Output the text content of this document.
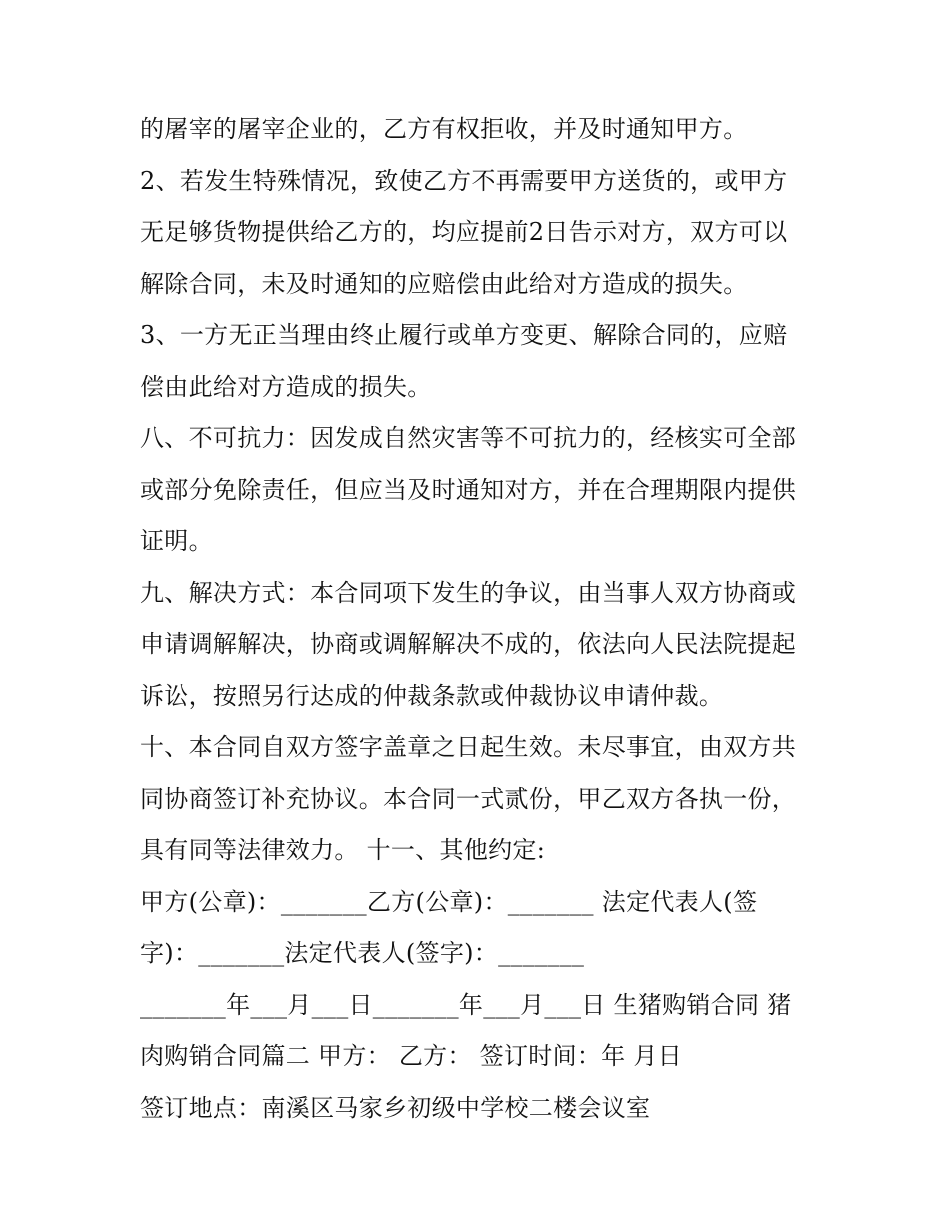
的屠宰的屠宰企业的，乙方有权拒收，并及时通知甲方。
2、若发生特殊情况，致使乙方不再需要甲方送货的，或甲方
无足够货物提供给乙方的，均应提前2日告示对方，双方可以
解除合同，未及时通知的应赔偿由此给对方造成的损失。
3、一方无正当理由终止履行或单方变更、解除合同的，应赔
偿由此给对方造成的损失。
八、不可抗力：因发成自然灾害等不可抗力的，经核实可全部
或部分免除责任，但应当及时通知对方，并在合理期限内提供
证明。
九、解决方式：本合同项下发生的争议，由当事人双方协商或
申请调解解决，协商或调解解决不成的，依法向人民法院提起
诉讼，按照另行达成的仲裁条款或仲裁协议申请仲裁。
十、本合同自双方签字盖章之日起生效。未尽事宜，由双方共
同协商签订补充协议。本合同一式贰份，甲乙双方各执一份，
具有同等法律效力。 十一、其他约定:
甲方(公章)：_______乙方(公章)：_______ 法定代表人(签
字)：_______法定代表人(签字)：_______
_______年___月___日_______年___月___日 生猪购销合同 猪
肉购销合同篇二 甲方： 乙方： 签订时间：年 月日
签订地点：南溪区马家乡初级中学校二楼会议室
